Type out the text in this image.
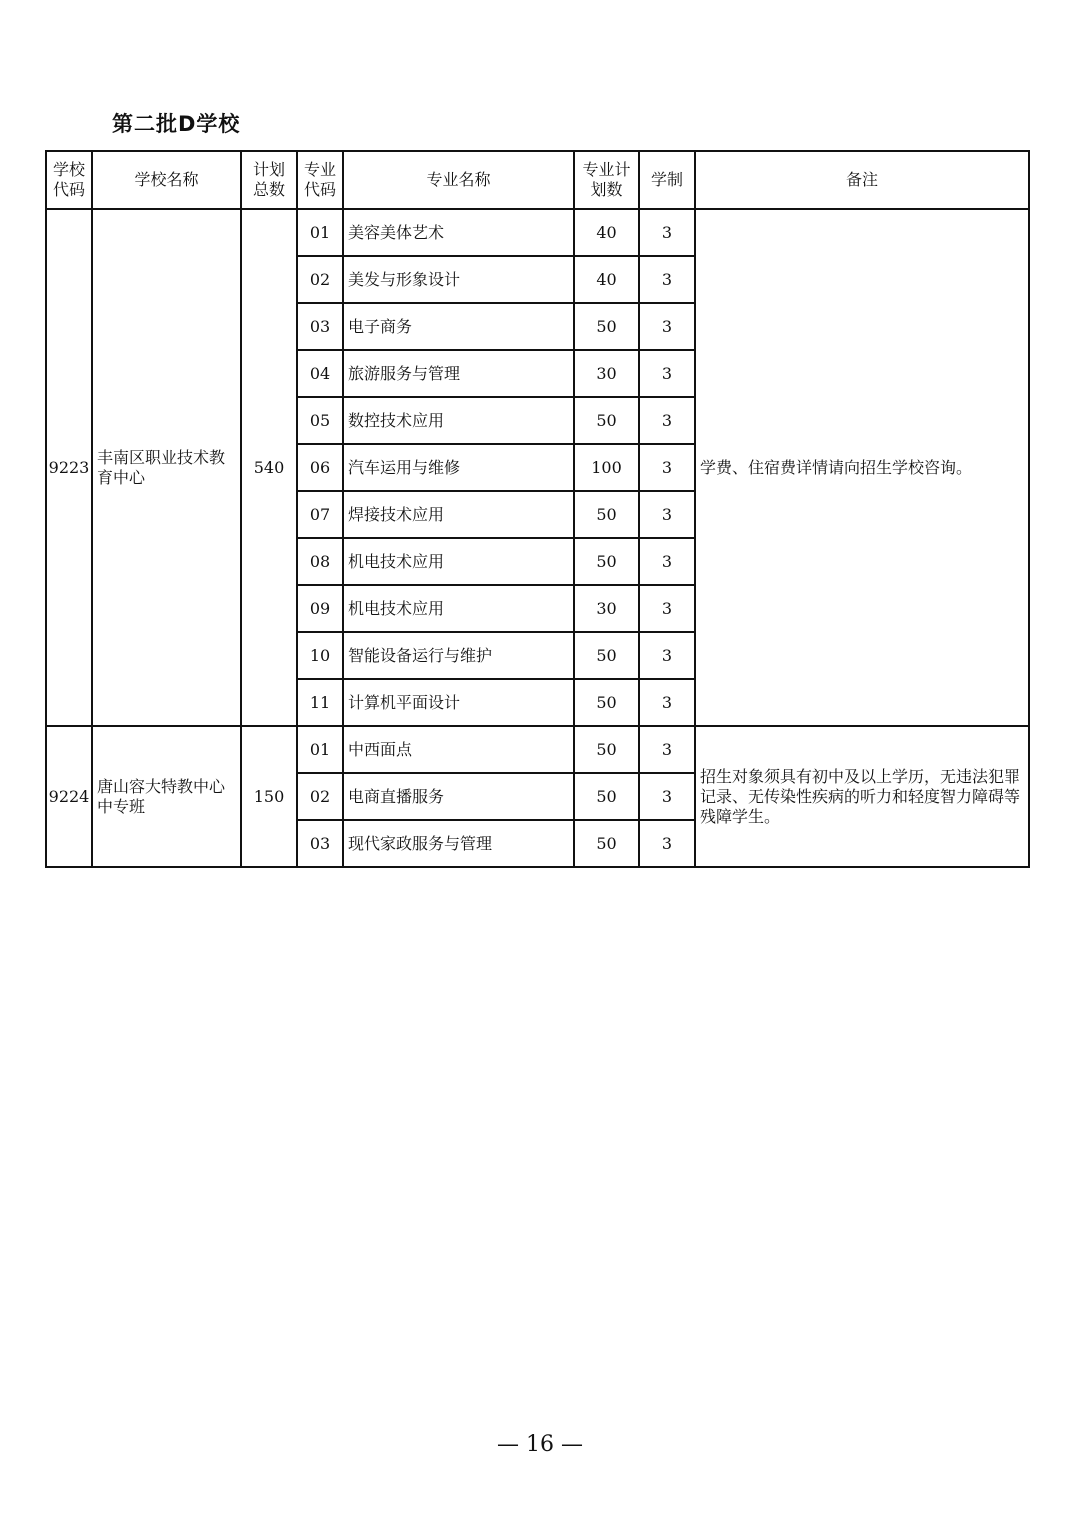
第二批D学校
学校代码	学校名称	计划总数	专业代码	专业名称	专业计划数	学制	备注
9223	丰南区职业技术教育中心	540	01	美容美体艺术	40	3	学费、住宿费详情请向招生学校咨询。
			02	美发与形象设计	40	3	
			03	电子商务	50	3	
			04	旅游服务与管理	30	3	
			05	数控技术应用	50	3	
			06	汽车运用与维修	100	3	
			07	焊接技术应用	50	3	
			08	机电技术应用	50	3	
			09	机电技术应用	30	3	
			10	智能设备运行与维护	50	3	
			11	计算机平面设计	50	3	
9224	唐山容大特教中心中专班	150	01	中西面点	50	3	招生对象须具有初中及以上学历，无违法犯罪记录、无传染性疾病的听力和轻度智力障碍等残障学生。
			02	电商直播服务	50	3	
			03	现代家政服务与管理	50	3	
— 16 —
